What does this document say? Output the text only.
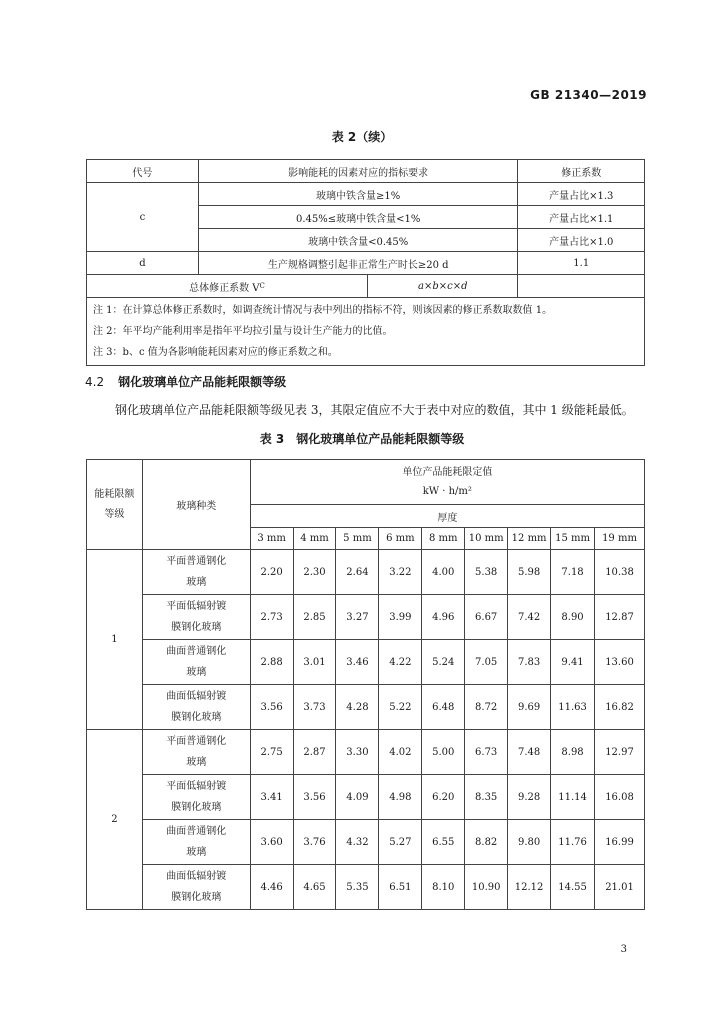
GB 21340—2019
表 2（续）
代号	影响能耗的因素对应的指标要求	修正系数
c	玻璃中铁含量≥1%	产量占比×1.3
	0.45%≤玻璃中铁含量<1%	产量占比×1.1
	玻璃中铁含量<0.45%	产量占比×1.0
d	生产规格调整引起非正常生产时长≥20 d	1.1

总体修正系数 V C a×b×c×d		

注 1：在计算总体修正系数时，如调查统计情况与表中列出的指标不符，则该因素的修正系数取数值 1。
注 2：年平均产能利用率是指年平均拉引量与设计生产能力的比值。
注 3：b、c 值为各影响能耗因素对应的修正系数之和。		
4.2 钢化玻璃单位产品能耗限额等级
钢化玻璃单位产品能耗限额等级见表 3，其限定值应不大于表中对应的数值，其中 1 级能耗最低。
表 3　钢化玻璃单位产品能耗限额等级
能耗限额等级	玻璃种类	单位产品能耗限定值
kW · h/m²								

		厚度								
		3 mm	4 mm	5 mm	6 mm	8 mm	10 mm	12 mm	15 mm	19 mm
1	平面普通钢化玻璃	2.20	2.30	2.64	3.22	4.00	5.38	5.98	7.18	10.38

	平面低辐射镀膜钢化玻璃	2.73	2.85	3.27	3.99	4.96	6.67	7.42	8.90	12.87

	曲面普通钢化玻璃	2.88	3.01	3.46	4.22	5.24	7.05	7.83	9.41	13.60

	曲面低辐射镀膜钢化玻璃	3.56	3.73	4.28	5.22	6.48	8.72	9.69	11.63	16.82
2	平面普通钢化玻璃	2.75	2.87	3.30	4.02	5.00	6.73	7.48	8.98	12.97

	平面低辐射镀膜钢化玻璃	3.41	3.56	4.09	4.98	6.20	8.35	9.28	11.14	16.08

	曲面普通钢化玻璃	3.60	3.76	4.32	5.27	6.55	8.82	9.80	11.76	16.99

	曲面低辐射镀膜钢化玻璃	4.46	4.65	5.35	6.51	8.10	10.90	12.12	14.55	21.01
3
